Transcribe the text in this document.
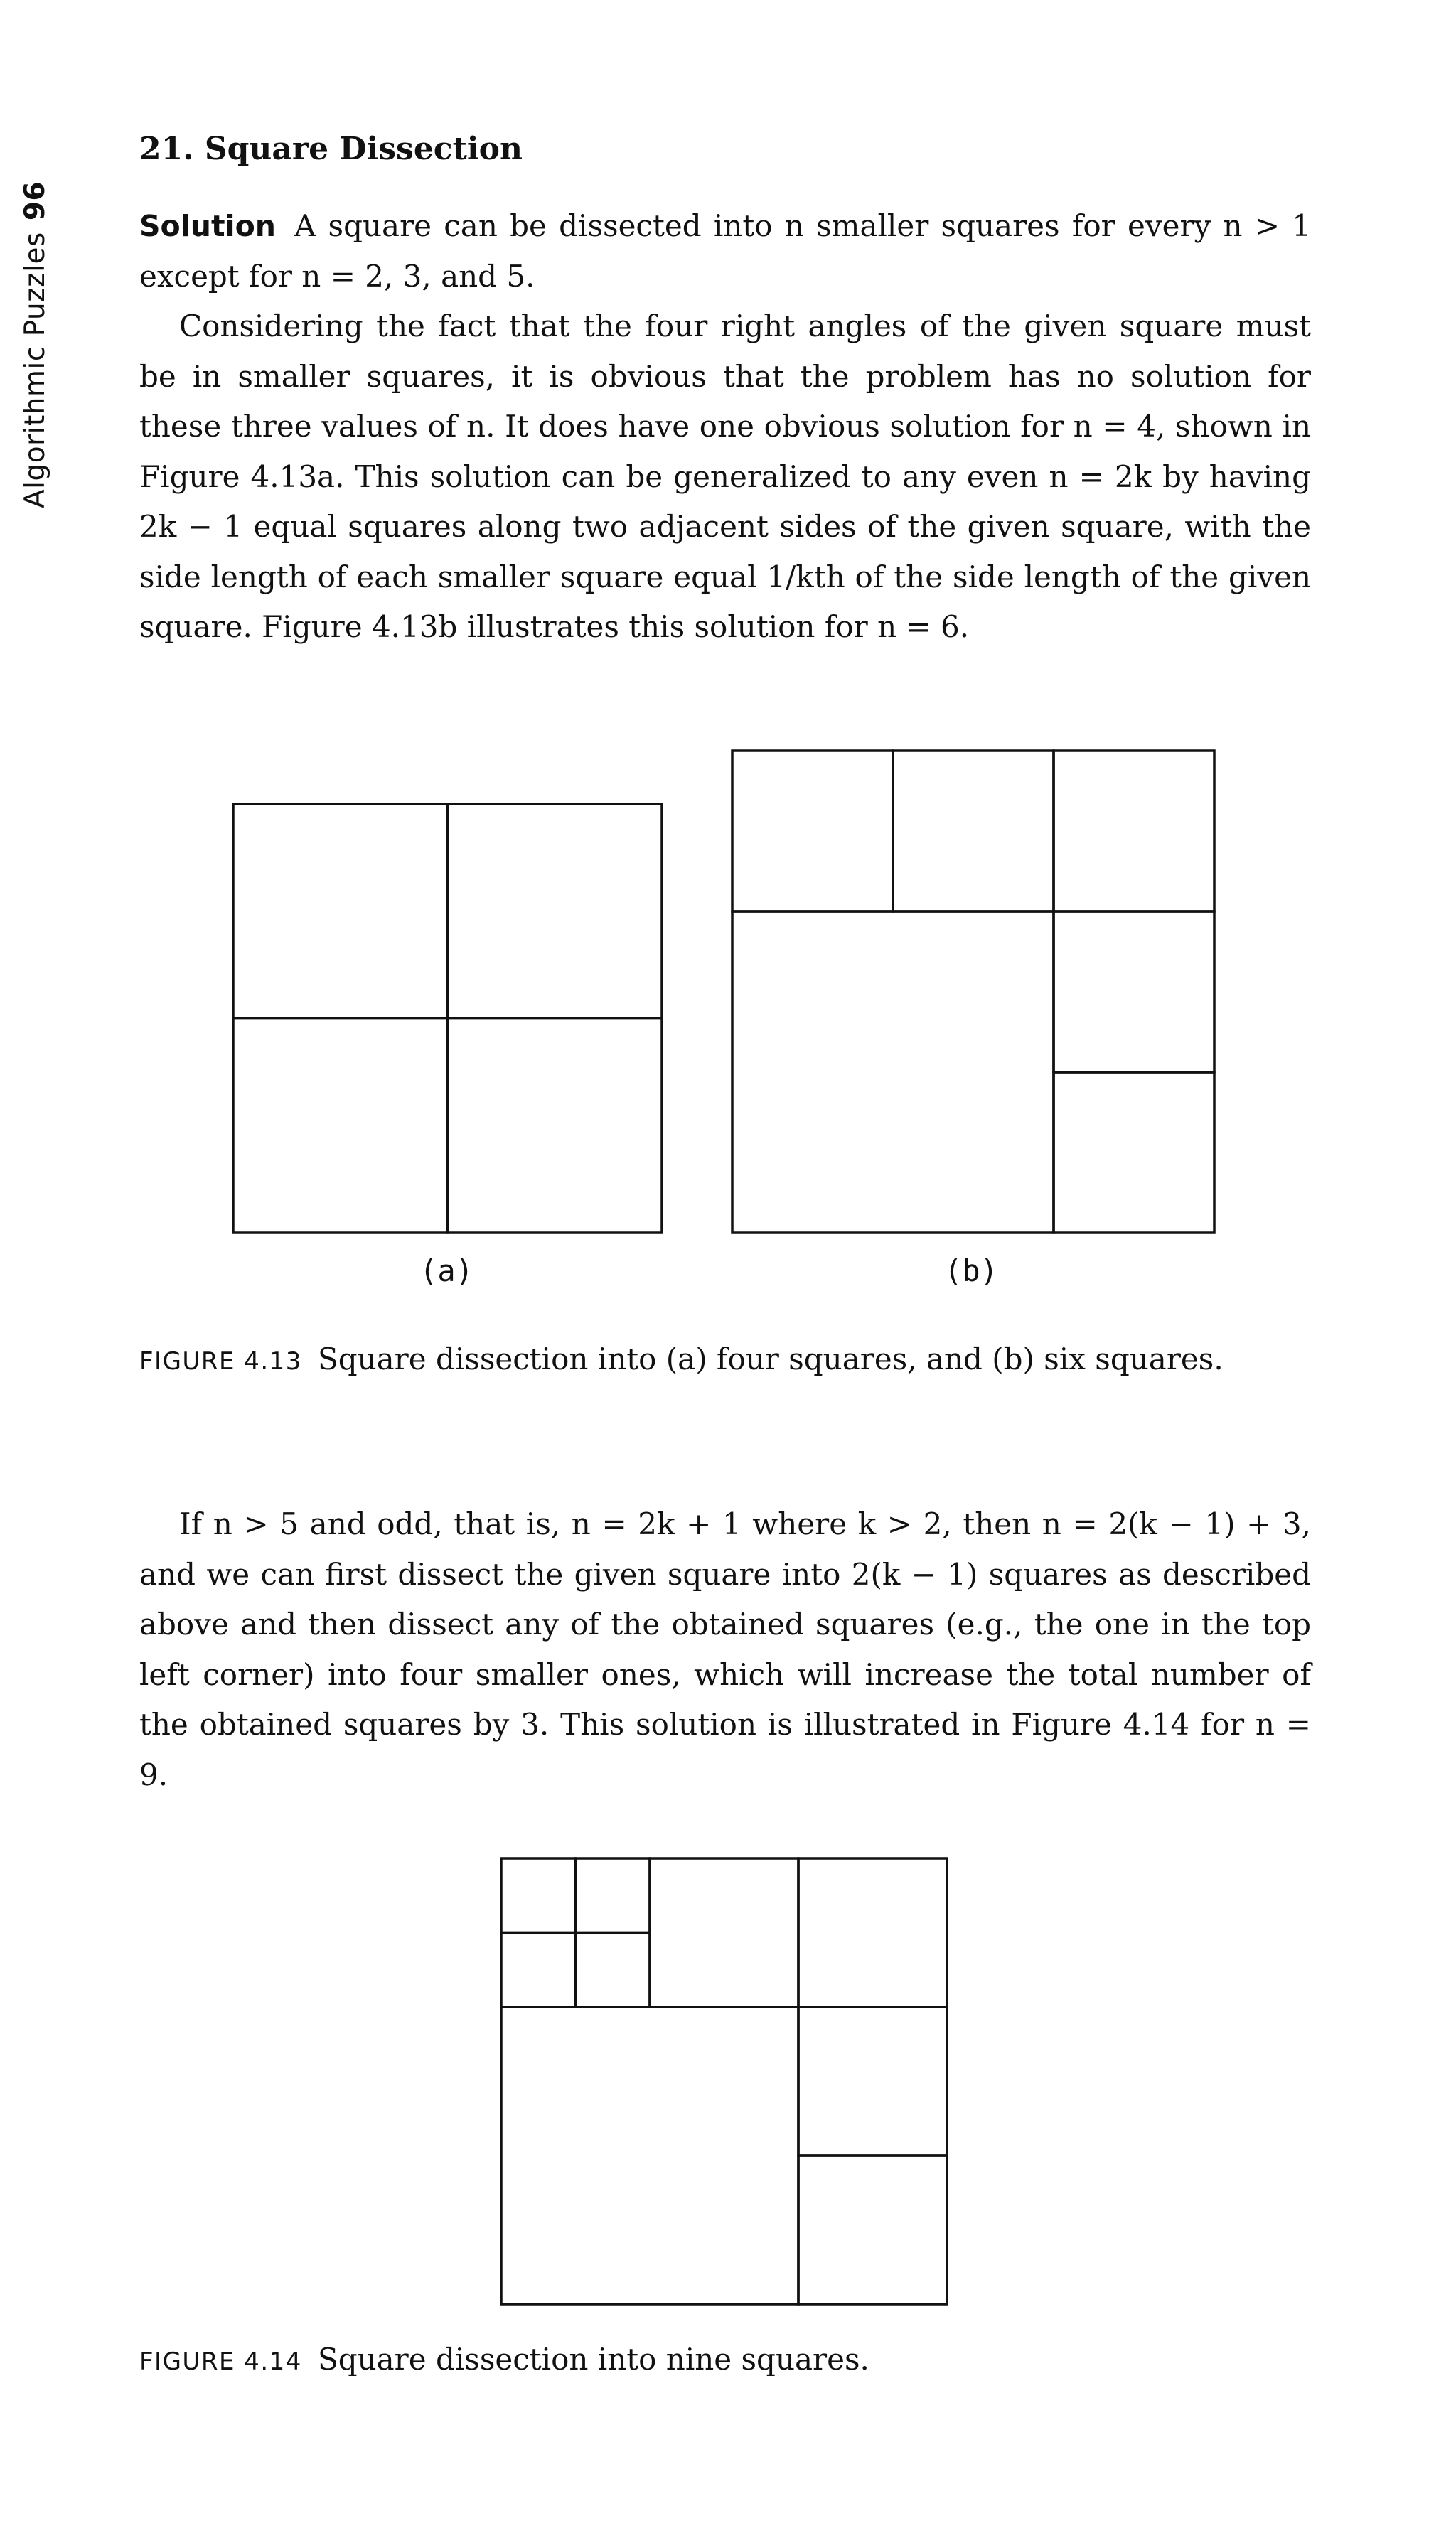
Algorithmic Puzzles96
21. Square Dissection

Solution A square can be dissected into n smaller squares for every n > 1 except for n = 2, 3, and 5.

Considering the fact that the four right angles of the given square must be in smaller squares, it is obvious that the problem has no solution for these three values of n. It does have one obvious solution for n = 4, shown in Figure 4.13a. This solution can be generalized to any even n = 2k by having 2k − 1 equal squares along two adjacent sides of the given square, with the side length of each smaller square equal 1/kth of the side length of the given square. Figure 4.13b illustrates this solution for n = 6.

(a)	(b)
FIGURE 4.13 Square dissection into (a) four squares, and (b) six squares.

If n > 5 and odd, that is, n = 2k + 1 where k > 2, then n = 2(k − 1) + 3, and we can first dissect the given square into 2(k − 1) squares as described above and then dissect any of the obtained squares (e.g., the one in the top left corner) into four smaller ones, which will increase the total number of the obtained squares by 3. This solution is illustrated in Figure 4.14 for n = 9.

FIGURE 4.14 Square dissection into nine squares.
